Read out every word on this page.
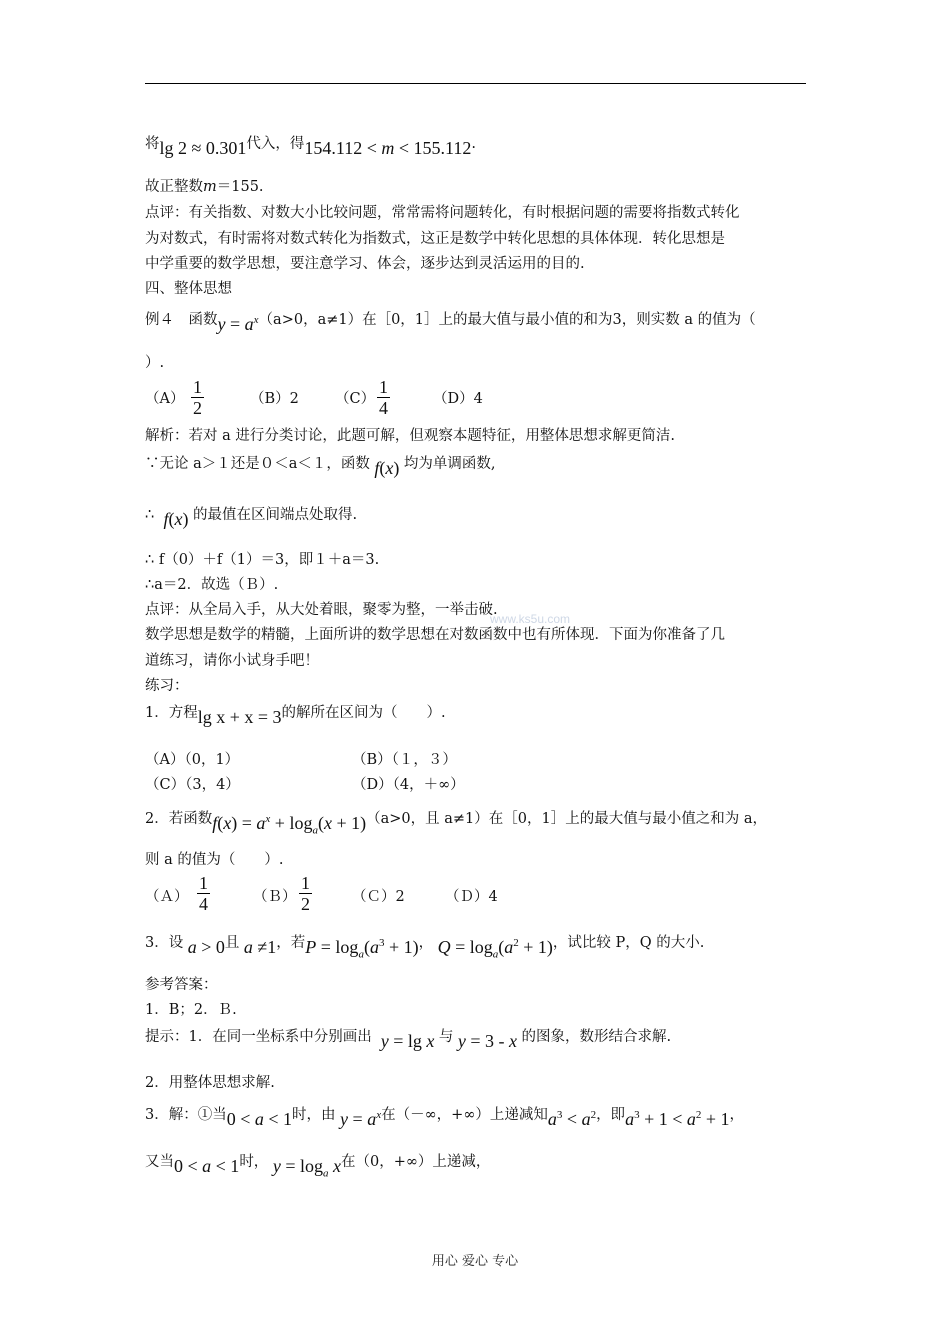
将lg 2 ≈ 0.301代入，得154.112 < m < 155.112.
故正整数m＝155.
点评：有关指数、对数大小比较问题，常常需将问题转化，有时根据问题的需要将指数式转化
为对数式，有时需将对数式转化为指数式，这正是数学中转化思想的具体体现．转化思想是
中学重要的数学思想，要注意学习、体会，逐步达到灵活运用的目的.
四、整体思想
例４　函数$y = a^x(a>0$，a≠1）在［0，1］上的最大值与最小值的和为3，则实数 a 的值为（
）.
$(A) \frac{1}{2}$	（B）2 $(C) \frac{1}{4}$	（D）4
解析：若对 a 进行分类讨论，此题可解，但观察本题特征，用整体思想求解更简洁.
∵无论 a＞１还是０＜a＜１，函数 f(x) 均为单调函数,
∴ f(x) 的最值在区间端点处取得.
∴ f（0）＋f（1）＝3，即１＋a＝3.
∴a＝2．故选（Ｂ）.
点评：从全局入手，从大处着眼，聚零为整，一举击破.
数学思想是数学的精髓，上面所讲的数学思想在对数函数中也有所体现．下面为你准备了几
道练习，请你小试身手吧！
练习：
1．方程lg x + x = 3的解所在区间为（　　）.
（A）（0，1）	（B）（１，３）
（C）（3，4）	（D）（4，＋∞）
2．若函数$f(x) = a^x + \log_a(x + 1)(a>0$，且 a≠1）在［0，1］上的最大值与最小值之和为 a，
则 a 的值为（　　）.
（Ａ） $\frac{1}{4}$	（Ｂ） $\frac{1}{2}$	（Ｃ）2	（Ｄ）4
3．设 a > 0且 a ≠1，若$P = \log_a(a^3 + 1)$， $Q = \log_a(a^2 + 1)$，试比较 P，Q 的大小.
参考答案：
1．B；2．Ｂ.
提示：1．在同一坐标系中分别画出 y = lg x 与 y = 3 - x 的图象，数形结合求解.
2．用整体思想求解.
3．解：①当0 < a < 1时，由 $y = a^x$在（－∞，+∞）上递减知$a^3 < a^2$，即$a^3 + 1 < a^2 + 1$，
又当0 < a < 1时， $y = \log_a x$在（0，+∞）上递减，
www.ks5u.com
用心 爱心 专心
